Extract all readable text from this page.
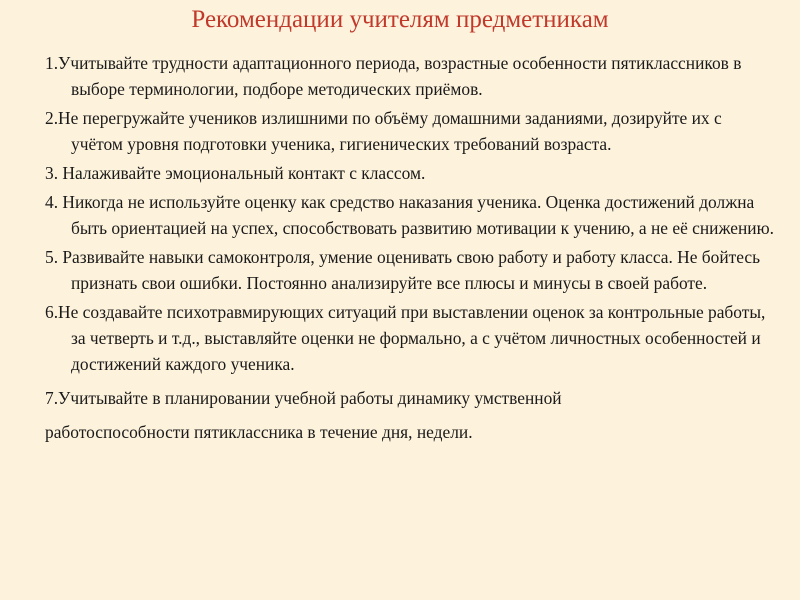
Рекомендации учителям предметникам

1.Учитывайте трудности адаптационного периода, возрастные особенности пятиклассников в выборе терминологии, подборе методических приёмов.

2.Не перегружайте учеников излишними по объёму домашними заданиями, дозируйте их с учётом уровня подготовки ученика, гигиенических требований возраста.

3. Налаживайте эмоциональный контакт с классом.

4. Никогда не используйте оценку как средство наказания ученика. Оценка достижений должна быть ориентацией на успех, способствовать развитию мотивации к учению, а не её снижению.

5. Развивайте навыки самоконтроля, умение оценивать свою работу и работу класса. Не бойтесь признать свои ошибки. Постоянно анализируйте все плюсы и минусы в своей работе.

6.Не создавайте психотравмирующих ситуаций при выставлении оценок за контрольные работы, за четверть и т.д., выставляйте оценки не формально, а с учётом личностных особенностей и достижений каждого ученика.

7.Учитывайте в планировании учебной работы динамику умственной

работоспособности пятиклассника в течение дня, недели.
